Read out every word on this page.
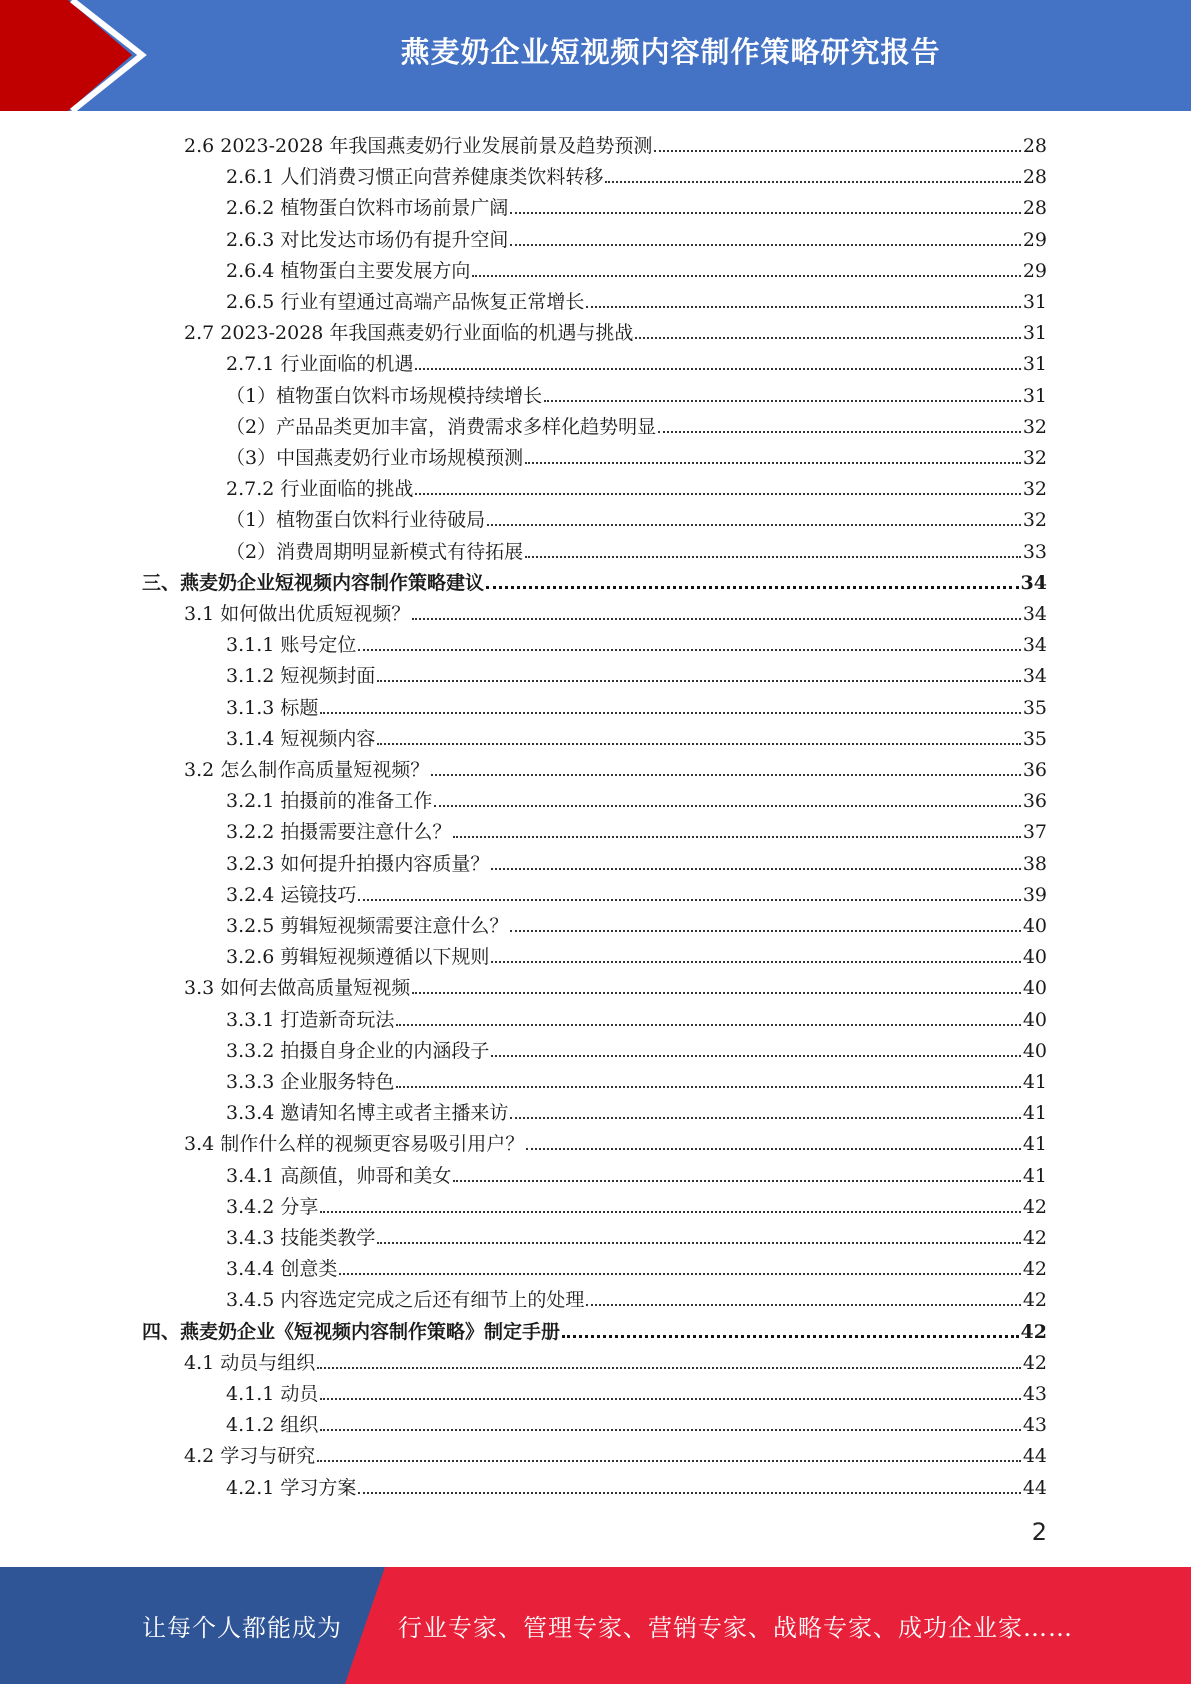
燕麦奶企业短视频内容制作策略研究报告
2.6 2023-2028 年我国燕麦奶行业发展前景及趋势预测	28
2.6.1 人们消费习惯正向营养健康类饮料转移	28
2.6.2 植物蛋白饮料市场前景广阔	28
2.6.3 对比发达市场仍有提升空间	29
2.6.4 植物蛋白主要发展方向	29
2.6.5 行业有望通过高端产品恢复正常增长	31
2.7 2023-2028 年我国燕麦奶行业面临的机遇与挑战	31
2.7.1 行业面临的机遇	31
（1）植物蛋白饮料市场规模持续增长	31
（2）产品品类更加丰富，消费需求多样化趋势明显	32
（3）中国燕麦奶行业市场规模预测	32
2.7.2 行业面临的挑战	32
（1）植物蛋白饮料行业待破局	32
（2）消费周期明显新模式有待拓展	33
三、燕麦奶企业短视频内容制作策略建议	34
3.1 如何做出优质短视频？	34
3.1.1 账号定位	34
3.1.2 短视频封面	34
3.1.3 标题	35
3.1.4 短视频内容	35
3.2 怎么制作高质量短视频？	36
3.2.1 拍摄前的准备工作	36
3.2.2 拍摄需要注意什么？	37
3.2.3 如何提升拍摄内容质量？	38
3.2.4 运镜技巧	39
3.2.5 剪辑短视频需要注意什么？	40
3.2.6 剪辑短视频遵循以下规则	40
3.3 如何去做高质量短视频	40
3.3.1 打造新奇玩法	40
3.3.2 拍摄自身企业的内涵段子	40
3.3.3 企业服务特色	41
3.3.4 邀请知名博主或者主播来访	41
3.4 制作什么样的视频更容易吸引用户？	41
3.4.1 高颜值，帅哥和美女	41
3.4.2 分享	42
3.4.3 技能类教学	42
3.4.4 创意类	42
3.4.5 内容选定完成之后还有细节上的处理	42
四、燕麦奶企业《短视频内容制作策略》制定手册	42
4.1 动员与组织	42
4.1.1 动员	43
4.1.2 组织	43
4.2 学习与研究	44
4.2.1 学习方案	44
2
让每个人都能成为 行业专家、管理专家、营销专家、战略专家、成功企业家……
